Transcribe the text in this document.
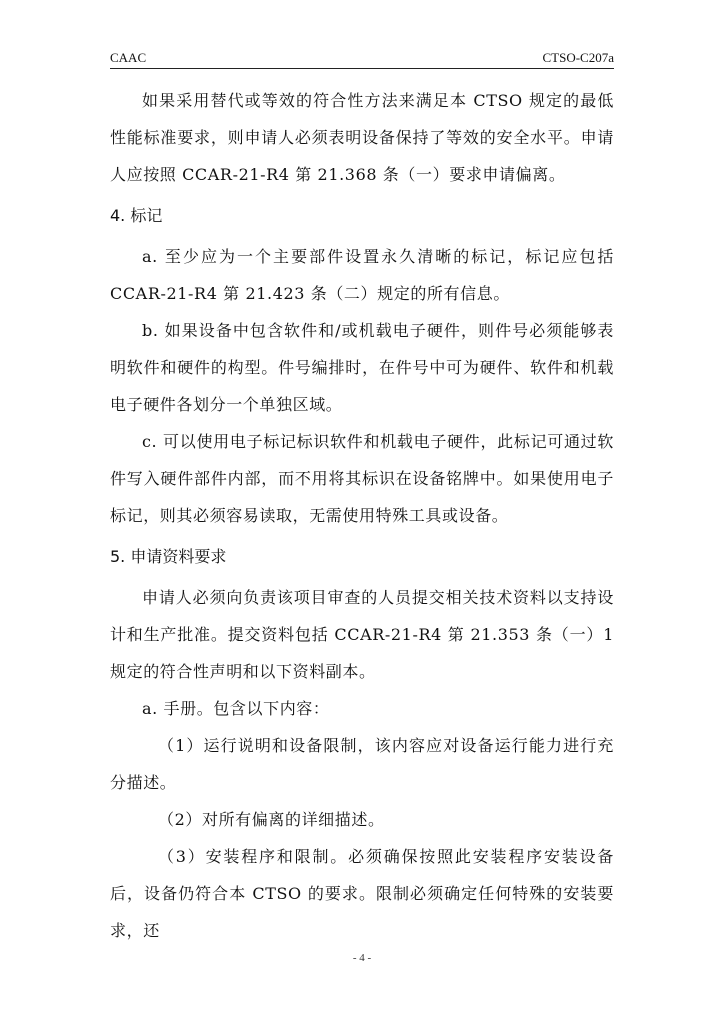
CAAC	CTSO-C207a

如果采用替代或等效的符合性方法来满足本 CTSO 规定的最低性能标准要求，则申请人必须表明设备保持了等效的安全水平。申请人应按照 CCAR-21-R4 第 21.368 条（一）要求申请偏离。

4. 标记

a. 至少应为一个主要部件设置永久清晰的标记，标记应包括 CCAR-21-R4 第 21.423 条（二）规定的所有信息。

b. 如果设备中包含软件和/或机载电子硬件，则件号必须能够表明软件和硬件的构型。件号编排时，在件号中可为硬件、软件和机载电子硬件各划分一个单独区域。

c. 可以使用电子标记标识软件和机载电子硬件，此标记可通过软件写入硬件部件内部，而不用将其标识在设备铭牌中。如果使用电子标记，则其必须容易读取，无需使用特殊工具或设备。

5. 申请资料要求

申请人必须向负责该项目审查的人员提交相关技术资料以支持设计和生产批准。提交资料包括 CCAR-21-R4 第 21.353 条（一）1 规定的符合性声明和以下资料副本。

a. 手册。包含以下内容：

（1）运行说明和设备限制，该内容应对设备运行能力进行充分描述。

（2）对所有偏离的详细描述。

（3）安装程序和限制。必须确保按照此安装程序安装设备后，设备仍符合本 CTSO 的要求。限制必须确定任何特殊的安装要求，还

- 4 -
